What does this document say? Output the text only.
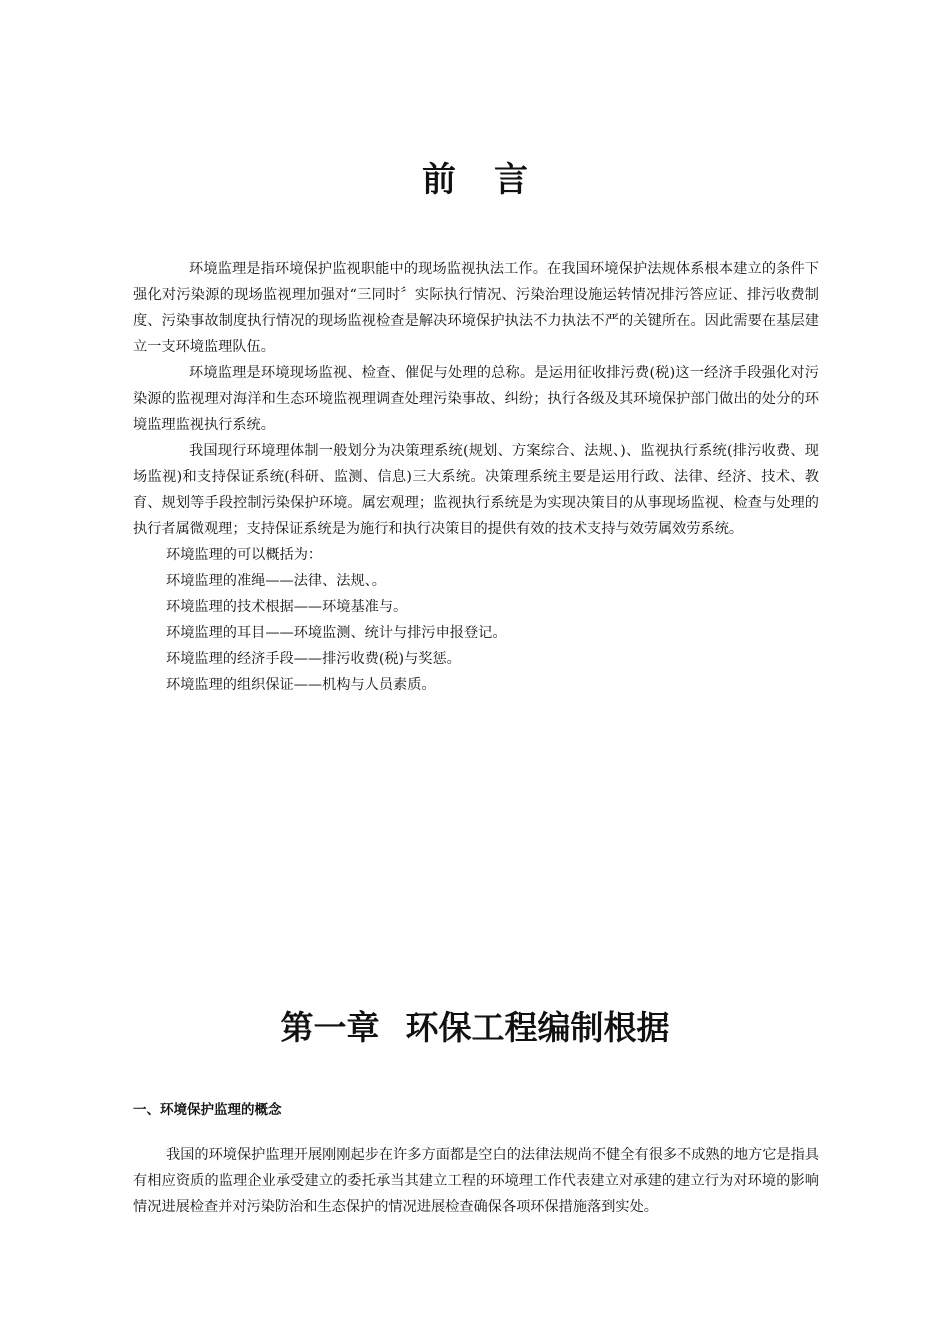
前言

环境监理是指环境保护监视职能中的现场监视执法工作。在我国环境保护法规体系根本建立的条件下强化对污染源的现场监视理加强对“三同时〞实际执行情况、污染治理设施运转情况排污答应证、排污收费制度、污染事故制度执行情况的现场监视检查是解决环境保护执法不力执法不严的关键所在。因此需要在基层建立一支环境监理队伍。

环境监理是环境现场监视、检查、催促与处理的总称。是运用征收排污费(税)这一经济手段强化对污染源的监视理对海洋和生态环境监视理调查处理污染事故、纠纷；执行各级及其环境保护部门做出的处分的环境监理监视执行系统。

我国现行环境理体制一般划分为决策理系统(规划、方案综合、法规、)、监视执行系统(排污收费、现场监视)和支持保证系统(科研、监测、信息)三大系统。决策理系统主要是运用行政、法律、经济、技术、教育、规划等手段控制污染保护环境。属宏观理；监视执行系统是为实现决策目的从事现场监视、检查与处理的执行者属微观理；支持保证系统是为施行和执行决策目的提供有效的技术支持与效劳属效劳系统。

环境监理的可以概括为：

环境监理的准绳——法律、法规、。

环境监理的技术根据——环境基准与。

环境监理的耳目——环境监测、统计与排污申报登记。

环境监理的经济手段——排污收费(税)与奖惩。

环境监理的组织保证——机构与人员素质。

第一章 环保工程编制根据
一、环境保护监理的概念

我国的环境保护监理开展刚刚起步在许多方面都是空白的法律法规尚不健全有很多不成熟的地方它是指具有相应资质的监理企业承受建立的委托承当其建立工程的环境理工作代表建立对承建的建立行为对环境的影响情况进展检查并对污染防治和生态保护的情况进展检查确保各项环保措施落到实处。
